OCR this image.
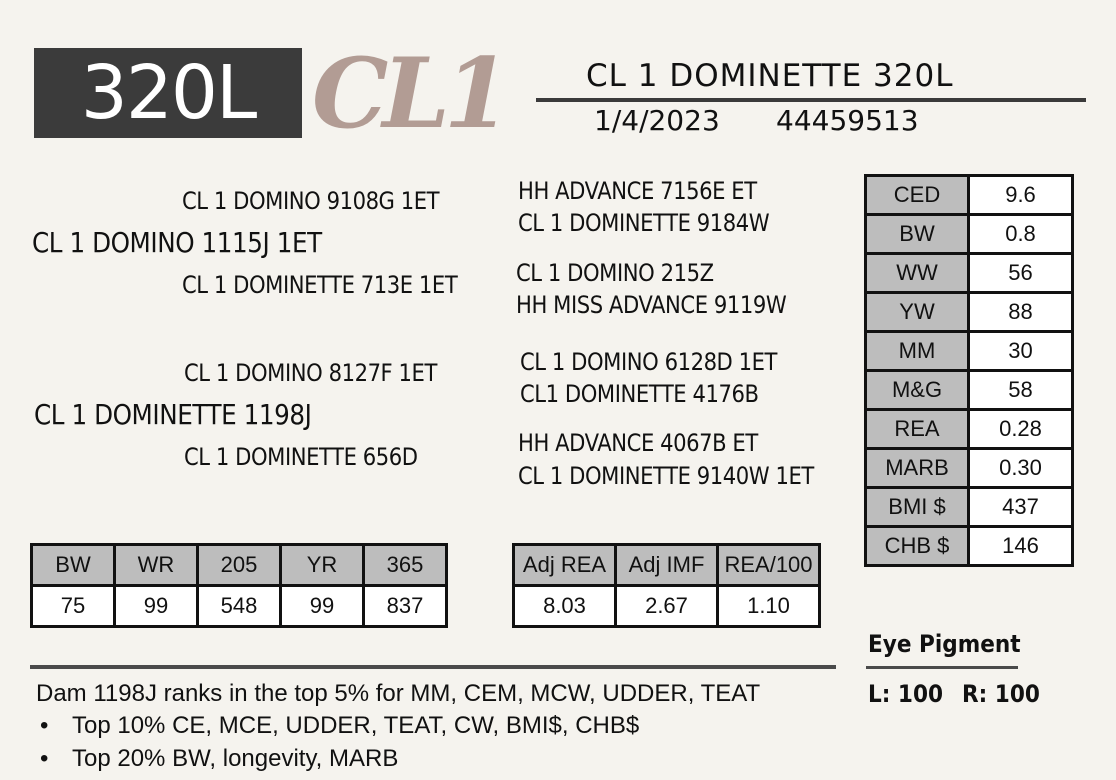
320L CL1	CL 1 DOMINETTE 320L
1/4/2023 44459513
CL 1 DOMINO 9108G 1ET
CL 1 DOMINO 1115J 1ET
CL 1 DOMINETTE 713E 1ET
CL 1 DOMINO 8127F 1ET
CL 1 DOMINETTE 1198J
CL 1 DOMINETTE 656D
HH ADVANCE 7156E ET
CL 1 DOMINETTE 9184W
CL 1 DOMINO 215Z
HH MISS ADVANCE 9119W
CL 1 DOMINO 6128D 1ET
CL1 DOMINETTE 4176B
HH ADVANCE 4067B ET
CL 1 DOMINETTE 9140W 1ET
CED	9.6
BW	0.8
WW	56
YW	88
MM	30
M&G	58
REA	0.28
MARB	0.30
BMI $	437
CHB $	146
BW	WR	205	YR	365
75	99	548	99	837
Adj REA	Adj IMF	REA/100
8.03	2.67	1.10
Dam 1198J ranks in the top 5% for MM, CEM, MCW, UDDER, TEAT
• Top 10% CE, MCE, UDDER, TEAT, CW, BMI$, CHB$
• Top 20% BW, longevity, MARB
Eye Pigment
L: 100 R: 100
